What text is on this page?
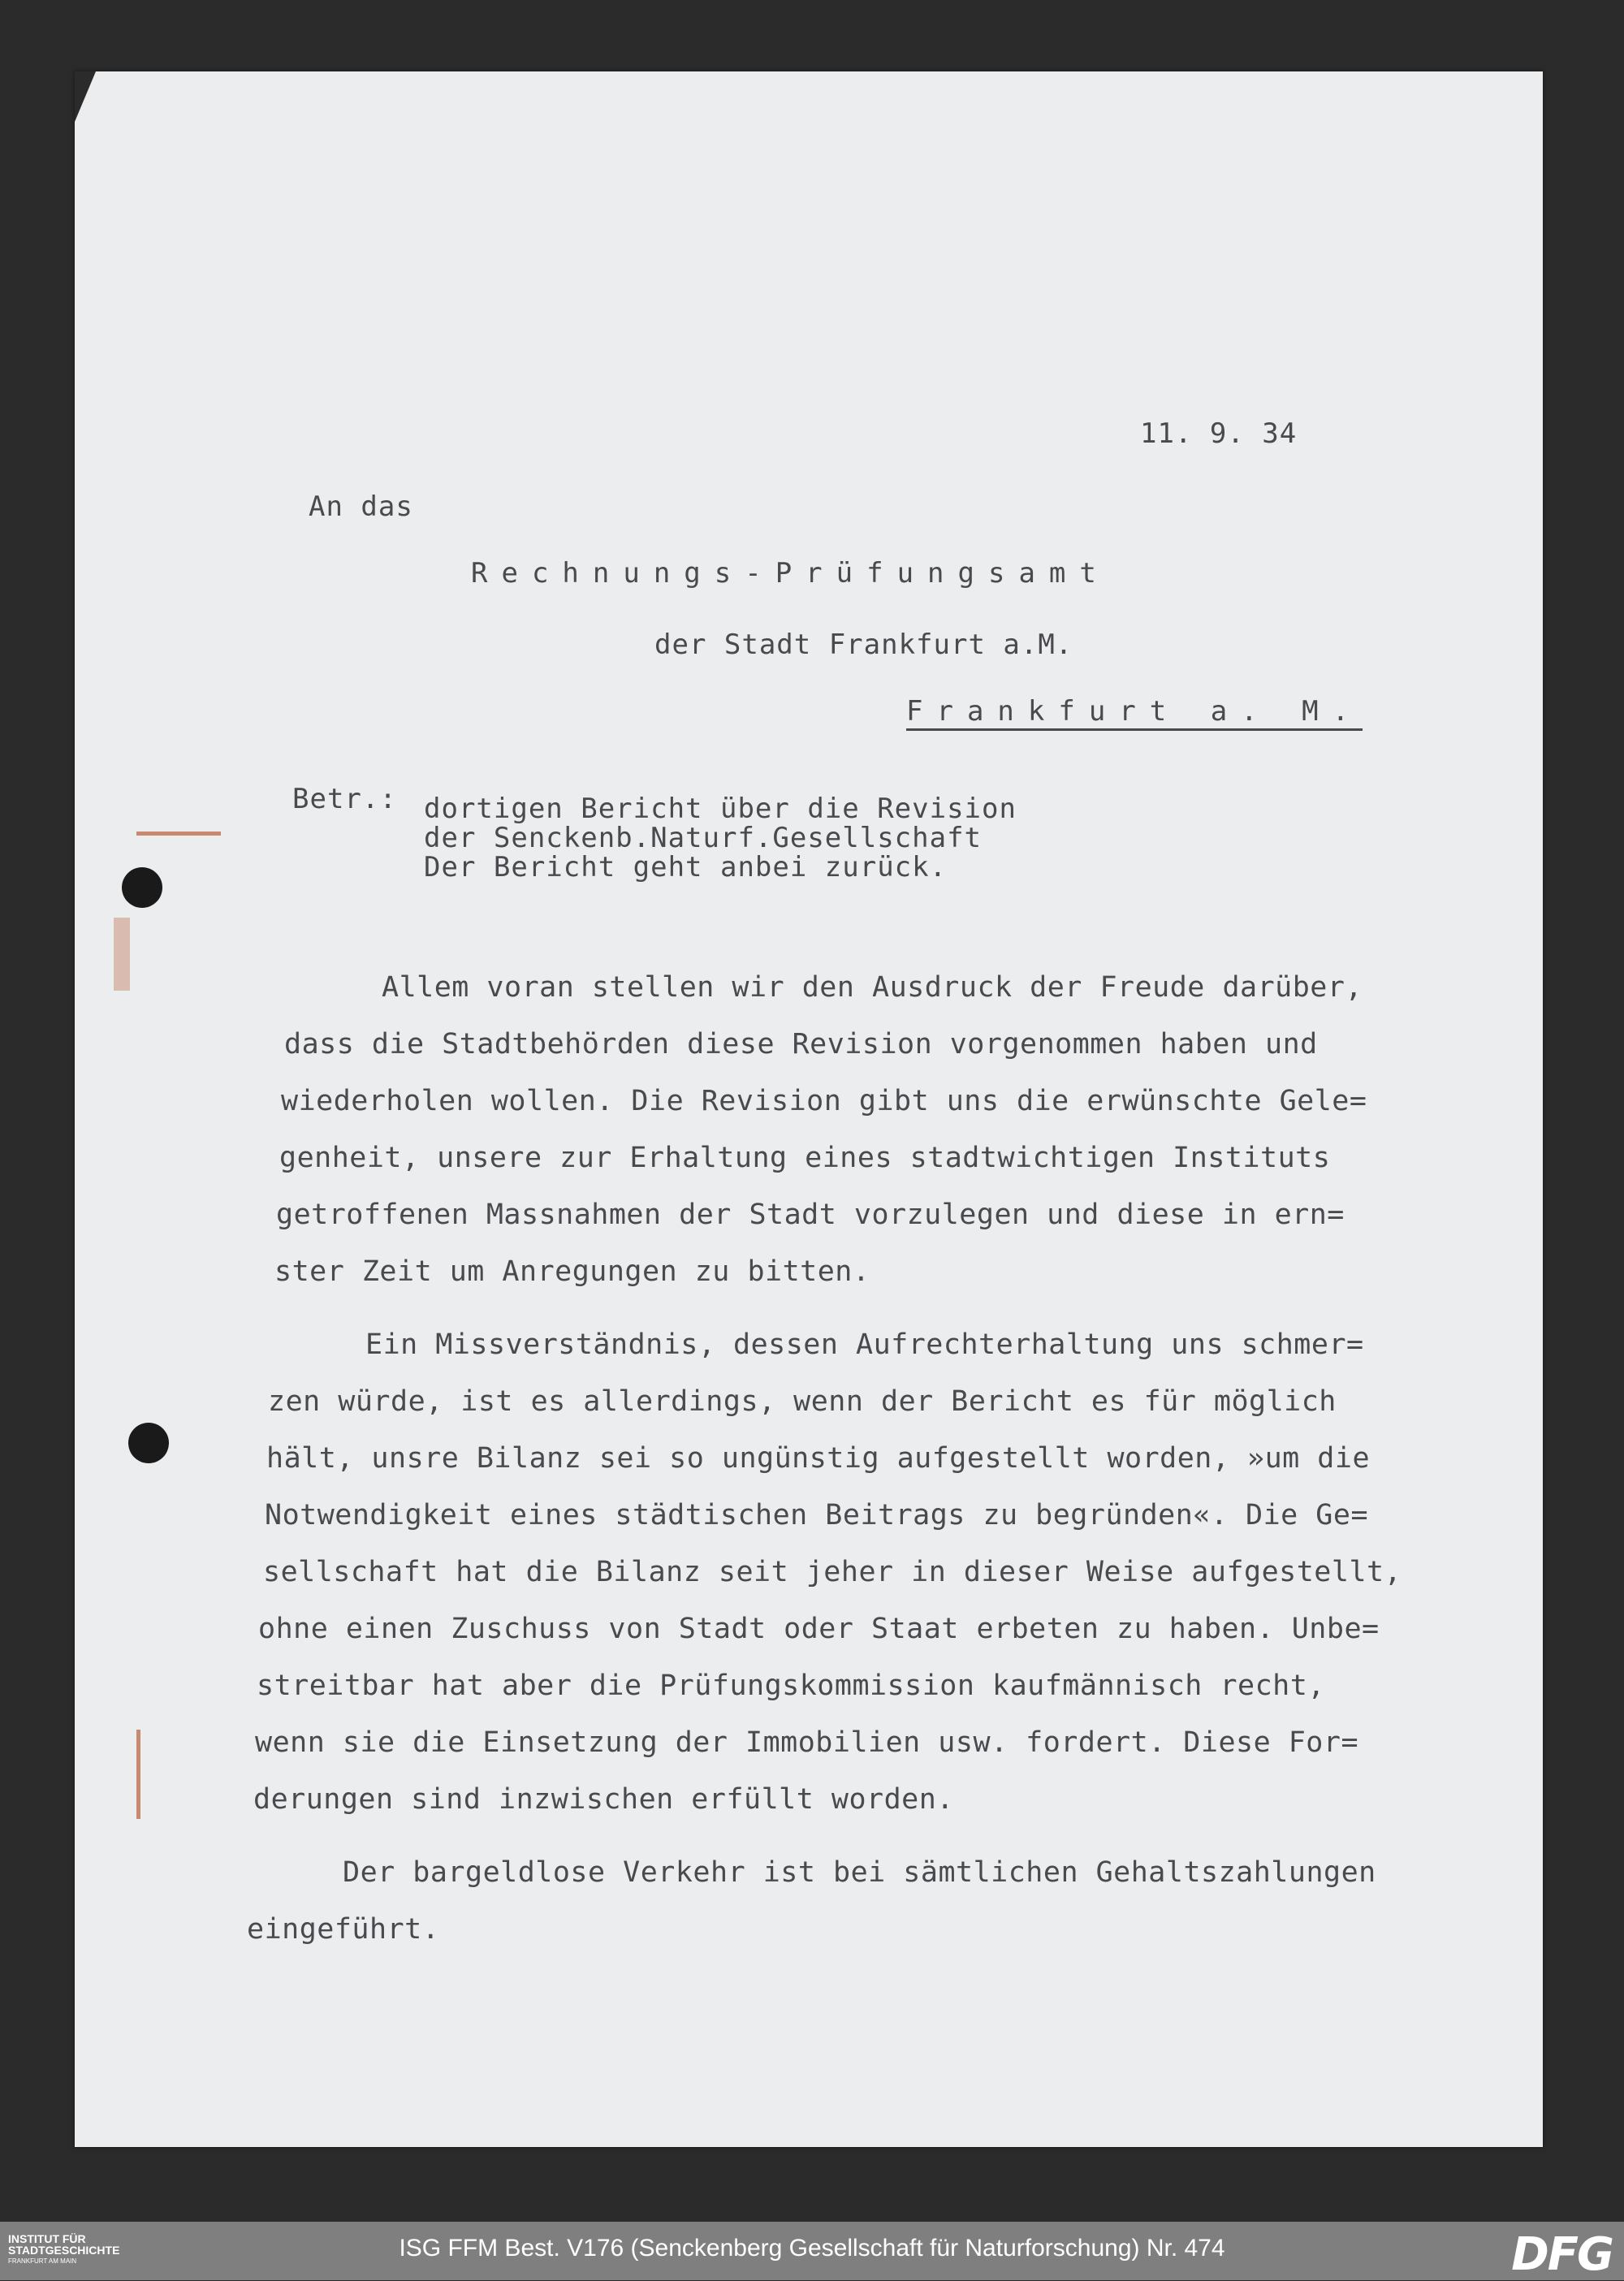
11. 9. 34
An das
Rechnungs-Prüfungsamt
der Stadt Frankfurt a.M.
Frankfurt a. M.
Betr.: dortigen Bericht über die Revision
der Senckenb.Naturf.Gesellschaft
Der Bericht geht anbei zurück.
Allem voran stellen wir den Ausdruck der Freude darüber,
dass die Stadtbehörden diese Revision vorgenommen haben und
wiederholen wollen. Die Revision gibt uns die erwünschte Gele=
genheit, unsere zur Erhaltung eines stadtwichtigen Instituts
getroffenen Massnahmen der Stadt vorzulegen und diese in ern=
ster Zeit um Anregungen zu bitten.
Ein Missverständnis, dessen Aufrechterhaltung uns schmer=
zen würde, ist es allerdings, wenn der Bericht es für möglich
hält, unsre Bilanz sei so ungünstig aufgestellt worden, »um die
Notwendigkeit eines städtischen Beitrags zu begründen«. Die Ge=
sellschaft hat die Bilanz seit jeher in dieser Weise aufgestellt,
ohne einen Zuschuss von Stadt oder Staat erbeten zu haben. Unbe=
streitbar hat aber die Prüfungskommission kaufmännisch recht,
wenn sie die Einsetzung der Immobilien usw. fordert. Diese For=
derungen sind inzwischen erfüllt worden.
Der bargeldlose Verkehr ist bei sämtlichen Gehaltszahlungen
eingeführt.
INSTITUT FÜR
STADTGESCHICHTE
FRANKFURT AM MAIN	ISG FFM Best. V176 (Senckenberg Gesellschaft für Naturforschung) Nr. 474	DFG
